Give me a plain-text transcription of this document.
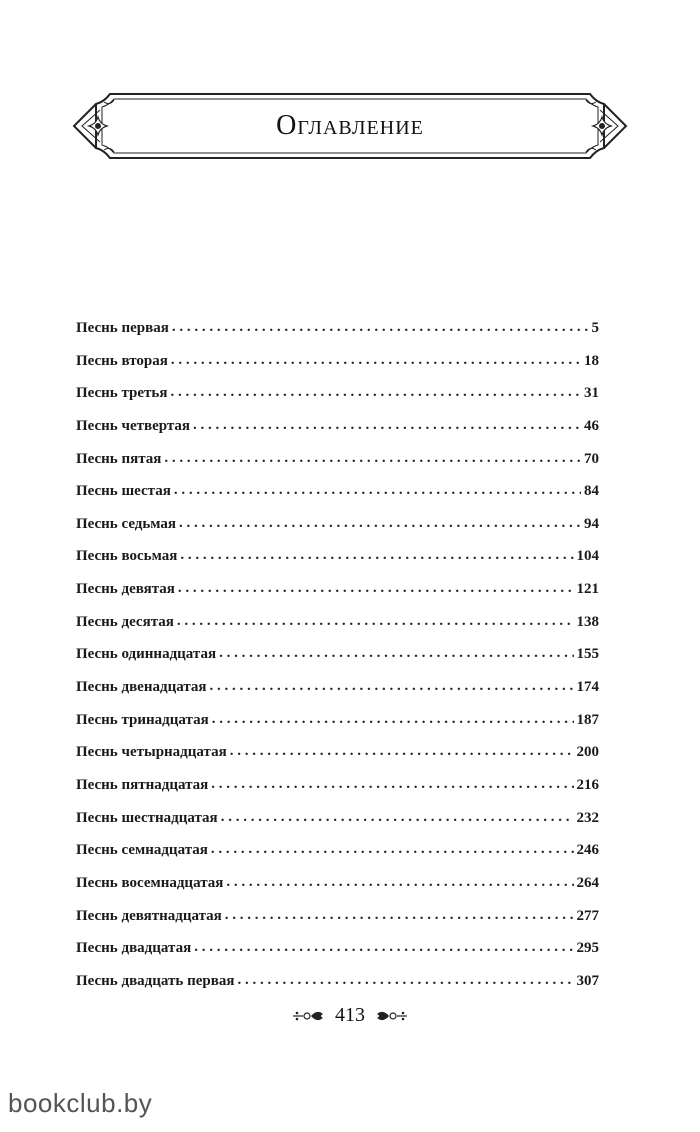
Оглавление
Песнь первая . . .	5
Песнь вторая . . .	18
Песнь третья . . .	31
Песнь четвертая . . .	46
Песнь пятая . . .	70
Песнь шестая . . .	84
Песнь седьмая . . .	94
Песнь восьмая . . .	104
Песнь девятая . . .	121
Песнь десятая . . .	138
Песнь одиннадцатая . . .	155
Песнь двенадцатая . . .	174
Песнь тринадцатая . . .	187
Песнь четырнадцатая . . .	200
Песнь пятнадцатая . . .	216
Песнь шестнадцатая . . .	232
Песнь семнадцатая . . .	246
Песнь восемнадцатая . . .	264
Песнь девятнадцатая . . .	277
Песнь двадцатая . . .	295
Песнь двадцать первая . . .	307
413
bookclub.by
